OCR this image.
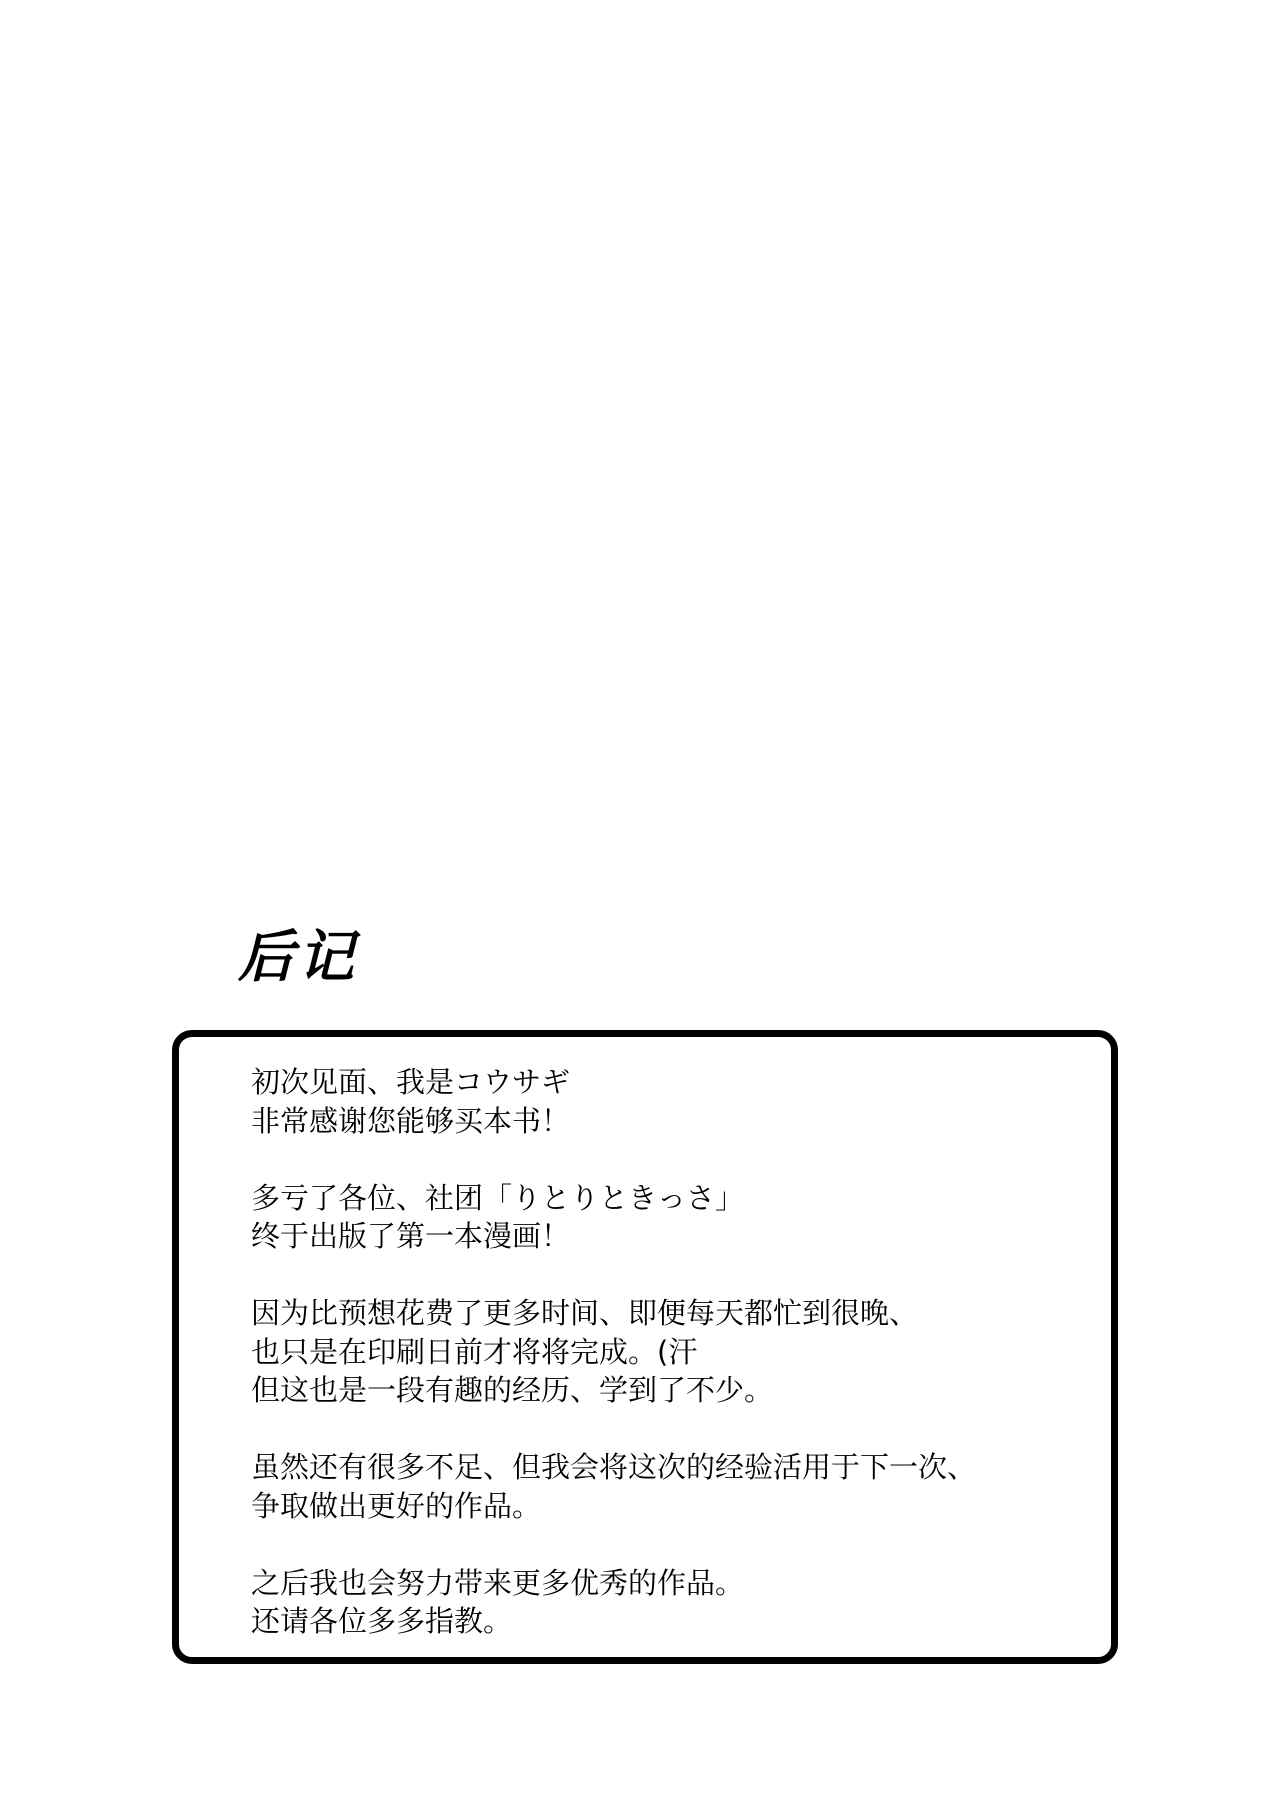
后记

初次见面、我是コウサギ
非常感谢您能够买本书！

多亏了各位、社团「りとりときっさ」
终于出版了第一本漫画！

因为比预想花费了更多时间、即便每天都忙到很晚、
也只是在印刷日前才将将完成。(汗
但这也是一段有趣的经历、学到了不少。

虽然还有很多不足、但我会将这次的经验活用于下一次、
争取做出更好的作品。

之后我也会努力带来更多优秀的作品。
还请各位多多指教。
